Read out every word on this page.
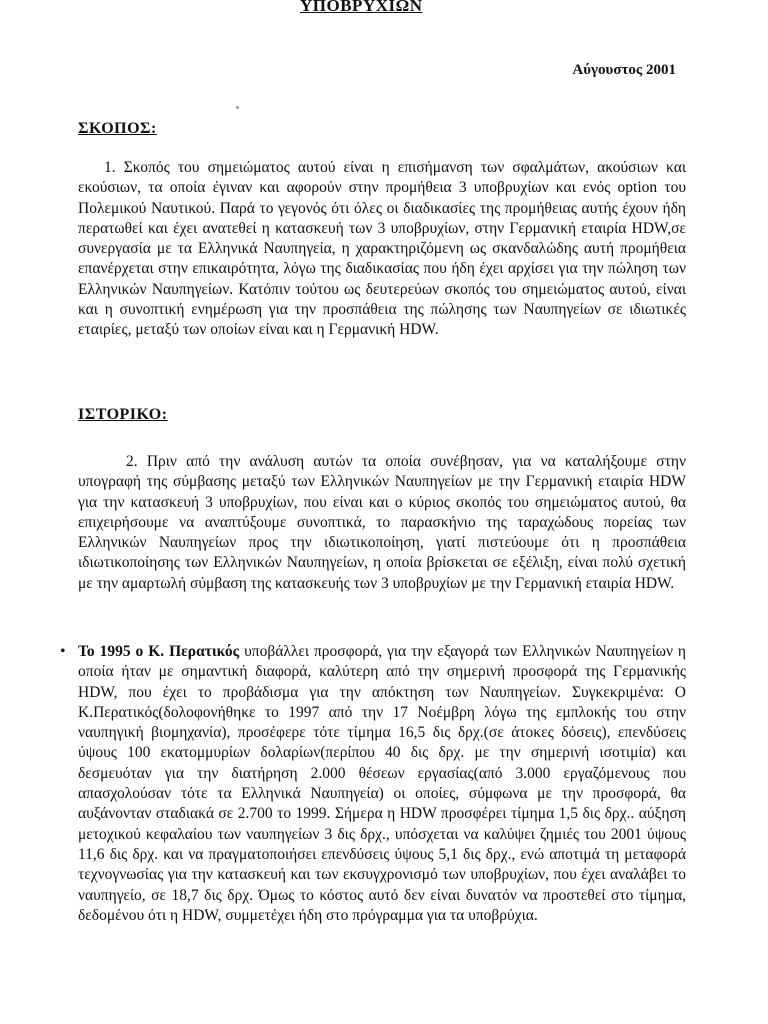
ΥΠΟΒΡΥΧΙΩΝ
Αύγουστος 2001
ΣΚΟΠΟΣ:

1. Σκοπός του σημειώματος αυτού είναι η επισήμανση των σφαλμάτων, ακούσιων και εκούσιων, τα οποία έγιναν και αφορούν στην προμήθεια 3 υποβρυχίων και ενός option του Πολεμικού Ναυτικού. Παρά το γεγονός ότι όλες οι διαδικασίες της προμήθειας αυτής έχουν ήδη περατωθεί και έχει ανατεθεί η κατασκευή των 3 υποβρυχίων, στην Γερμανική εταιρία HDW,σε συνεργασία με τα Ελληνικά Ναυπηγεία, η χαρακτηριζόμενη ως σκανδαλώδης αυτή προμήθεια επανέρχεται στην επικαιρότητα, λόγω της διαδικασίας που ήδη έχει αρχίσει για την πώληση των Ελληνικών Ναυπηγείων. Κατόπιν τούτου ως δευτερεύων σκοπός του σημειώματος αυτού, είναι και η συνοπτική ενημέρωση για την προσπάθεια της πώλησης των Ναυπηγείων σε ιδιωτικές εταιρίες, μεταξύ των οποίων είναι και η Γερμανική HDW.

ΙΣΤΟΡΙΚΟ:

2. Πριν από την ανάλυση αυτών τα οποία συνέβησαν, για να καταλήξουμε στην υπογραφή της σύμβασης μεταξύ των Ελληνικών Ναυπηγείων με την Γερμανική εταιρία HDW για την κατασκευή 3 υποβρυχίων, που είναι και ο κύριος σκοπός του σημειώματος αυτού, θα επιχειρήσουμε να αναπτύξουμε συνοπτικά, το παρασκήνιο της ταραχώδους πορείας των Ελληνικών Ναυπηγείων προς την ιδιωτικοποίηση, γιατί πιστεύουμε ότι η προσπάθεια ιδιωτικοποίησης των Ελληνικών Ναυπηγείων, η οποία βρίσκεται σε εξέλιξη, είναι πολύ σχετική με την αμαρτωλή σύμβαση της κατασκευής των 3 υποβρυχίων με την Γερμανική εταιρία HDW.

• Το 1995 ο Κ. Περατικός υποβάλλει προσφορά, για την εξαγορά των Ελληνικών Ναυπηγείων η οποία ήταν με σημαντική διαφορά, καλύτερη από την σημερινή προσφορά της Γερμανικής HDW, που έχει το προβάδισμα για την απόκτηση των Ναυπηγείων. Συγκεκριμένα: Ο Κ.Περατικός(δολοφονήθηκε το 1997 από την 17 Νοέμβρη λόγω της εμπλοκής του στην ναυπηγική βιομηχανία), προσέφερε τότε τίμημα 16,5 δις δρχ.(σε άτοκες δόσεις), επενδύσεις ύψους 100 εκατομμυρίων δολαρίων(περίπου 40 δις δρχ. με την σημερινή ισοτιμία) και δεσμευόταν για την διατήρηση 2.000 θέσεων εργασίας(από 3.000 εργαζόμενους που απασχολούσαν τότε τα Ελληνικά Ναυπηγεία) οι οποίες, σύμφωνα με την προσφορά, θα αυξάνονταν σταδιακά σε 2.700 το 1999. Σήμερα η HDW προσφέρει τίμημα 1,5 δις δρχ.. αύξηση μετοχικού κεφαλαίου των ναυπηγείων 3 δις δρχ., υπόσχεται να καλύψει ζημιές του 2001 ύψους 11,6 δις δρχ. και να πραγματοποιήσει επενδύσεις ύψους 5,1 δις δρχ., ενώ αποτιμά τη μεταφορά τεχνογνωσίας για την κατασκευή και των εκσυγχρονισμό των υποβρυχίων, που έχει αναλάβει το ναυπηγείο, σε 18,7 δις δρχ. Όμως το κόστος αυτό δεν είναι δυνατόν να προστεθεί στο τίμημα, δεδομένου ότι η HDW, συμμετέχει ήδη στο πρόγραμμα για τα υποβρύχια.
